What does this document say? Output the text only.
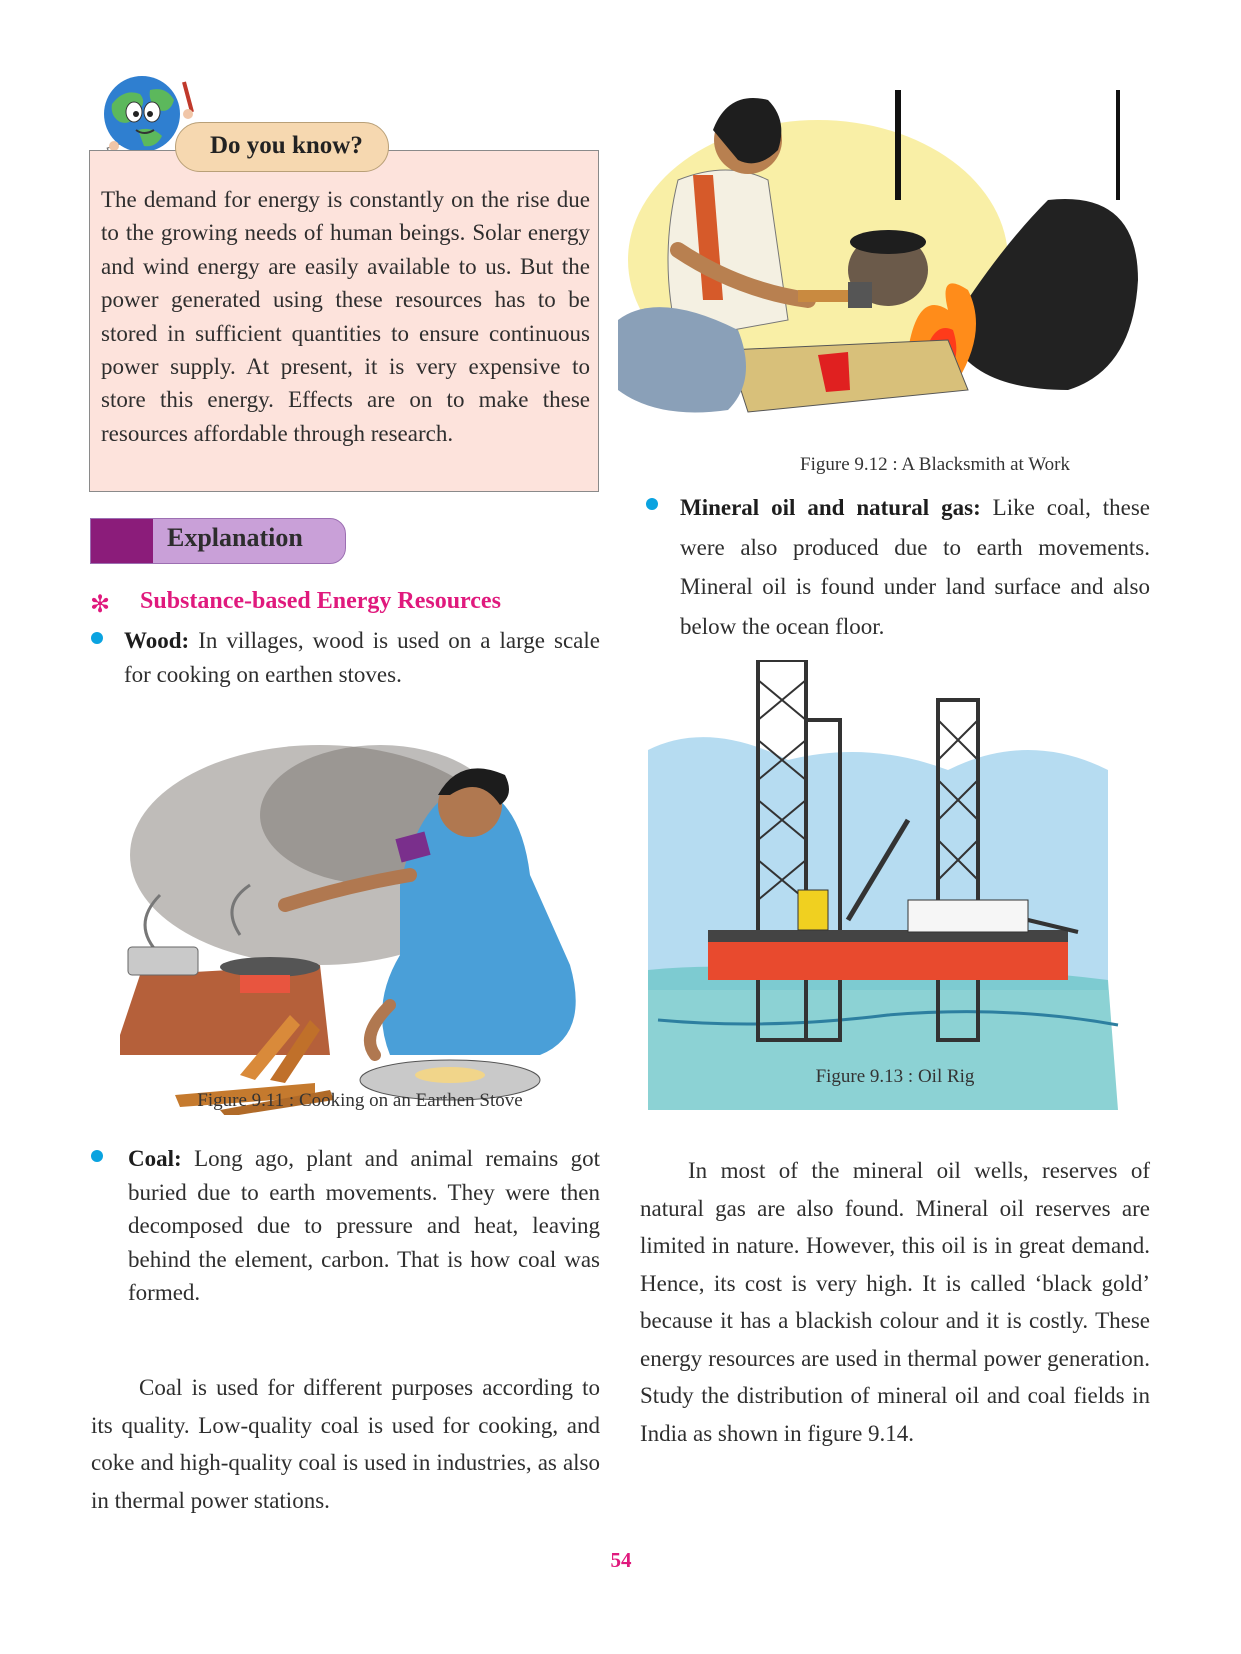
Do you know?

The demand for energy is constantly on the rise due to the growing needs of human beings. Solar energy and wind energy are easily available to us. But the power generated using these resources has to be stored in sufficient quantities to ensure continuous power supply. At present, it is very expensive to store this energy. Effects are on to make these resources affordable through research.

Explanation
✻ Substance-based Energy Resources

Wood: In villages, wood is used on a large scale for cooking on earthen stoves.

Figure 9.11 : Cooking on an Earthen Stove

Coal: Long ago, plant and animal remains got buried due to earth movements. They were then decomposed due to pressure and heat, leaving behind the element, carbon. That is how coal was formed.

Coal is used for different purposes according to its quality. Low-quality coal is used for cooking, and coke and high-quality coal is used in industries, as also in thermal power stations.

Figure 9.12 : A Blacksmith at Work

Mineral oil and natural gas: Like coal, these were also produced due to earth movements. Mineral oil is found under land surface and also below the ocean floor.

Figure 9.13 : Oil Rig

In most of the mineral oil wells, reserves of natural gas are also found. Mineral oil reserves are limited in nature. However, this oil is in great demand. Hence, its cost is very high. It is called ‘black gold’ because it has a blackish colour and it is costly. These energy resources are used in thermal power generation. Study the distribution of mineral oil and coal fields in India as shown in figure 9.14.

54
